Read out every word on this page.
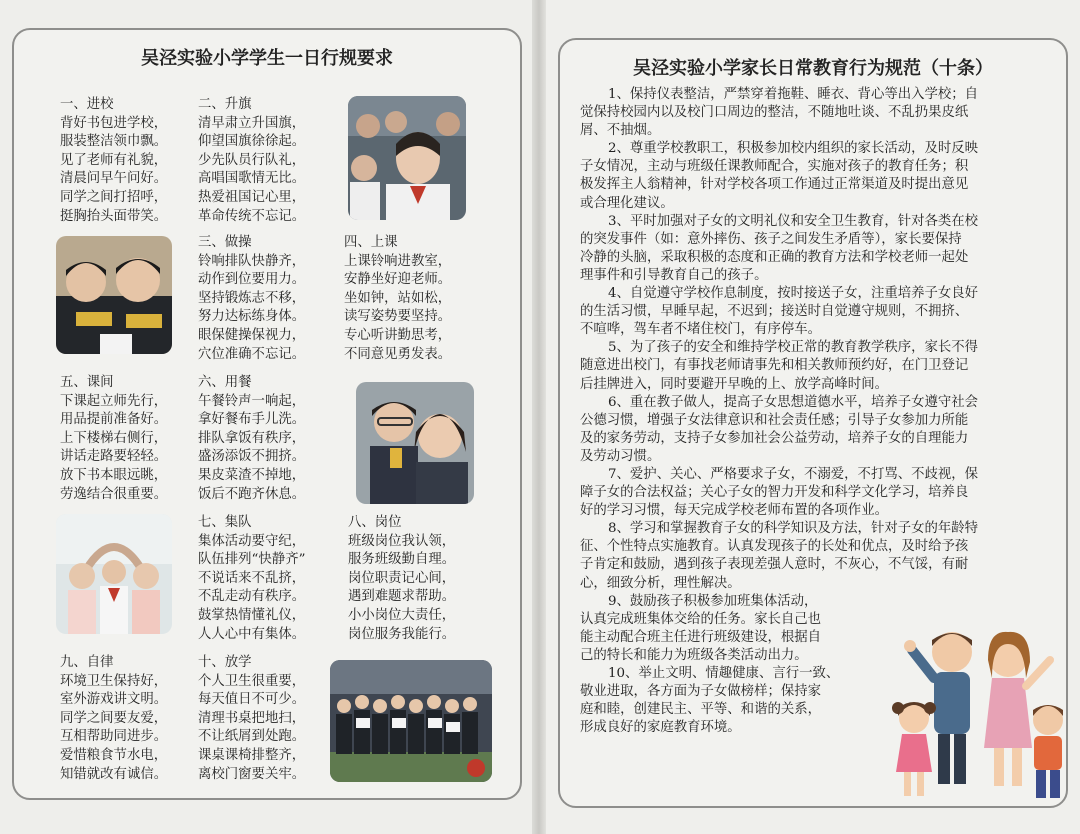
吴泾实验小学学生一日行规要求
一、进校
背好书包进学校，
服装整洁领巾飘。
见了老师有礼貌，
清晨问早午问好。
同学之间打招呼，
挺胸抬头面带笑。
二、升旗
清早肃立升国旗，
仰望国旗徐徐起。
少先队员行队礼，
高唱国歌情无比。
热爱祖国记心里，
革命传统不忘记。
三、做操
铃响排队快静齐，
动作到位要用力。
坚持锻炼志不移，
努力达标练身体。
眼保健操保视力，
穴位准确不忘记。
四、上课
上课铃响进教室，
安静坐好迎老师。
坐如钟，站如松，
读写姿势要坚持。
专心听讲勤思考，
不同意见勇发表。
五、课间
下课起立师先行，
用品提前准备好。
上下楼梯右侧行，
讲话走路要轻轻。
放下书本眼远眺，
劳逸结合很重要。
六、用餐
午餐铃声一响起，
拿好餐布手儿洗。
排队拿饭有秩序，
盛汤添饭不拥挤。
果皮菜渣不掉地，
饭后不跑齐休息。
七、集队
集体活动要守纪，
队伍排列“快静齐”
不说话来不乱挤，
不乱走动有秩序。
鼓掌热情懂礼仪，
人人心中有集体。
八、岗位
班级岗位我认领，
服务班级勤自理。
岗位职责记心间，
遇到难题求帮助。
小小岗位大责任，
岗位服务我能行。
九、自律
环境卫生保持好，
室外游戏讲文明。
同学之间要友爱，
互相帮助同进步。
爱惜粮食节水电，
知错就改有诚信。
十、放学
个人卫生很重要，
每天值日不可少。
清理书桌把地扫，
不让纸屑到处跑。
课桌课椅排整齐，
离校门窗要关牢。
吴泾实验小学家长日常教育行为规范（十条）
1、保持仪表整洁，严禁穿着拖鞋、睡衣、背心等出入学校；自
觉保持校园内以及校门口周边的整洁，不随地吐谈、不乱扔果皮纸
屑、不抽烟。
2、尊重学校教职工，积极参加校内组织的家长活动，及时反映
子女情况，主动与班级任课教师配合，实施对孩子的教育任务；积
极发挥主人翁精神，针对学校各项工作通过正常渠道及时提出意见
或合理化建议。
3、平时加强对子女的文明礼仪和安全卫生教育，针对各类在校
的突发事件（如：意外摔伤、孩子之间发生矛盾等），家长要保持
冷静的头脑，采取积极的态度和正确的教育方法和学校老师一起处
理事件和引导教育自己的孩子。
4、自觉遵守学校作息制度，按时接送子女，注重培养子女良好
的生活习惯，早睡早起，不迟到；接送时自觉遵守规则，不拥挤、
不喧哗，驾车者不堵住校门，有序停车。
5、为了孩子的安全和维持学校正常的教育教学秩序，家长不得
随意进出校门，有事找老师请事先和相关教师预约好，在门卫登记
后挂牌进入，同时要避开早晚的上、放学高峰时间。
6、重在教子做人，提高子女思想道德水平，培养子女遵守社会
公德习惯，增强子女法律意识和社会责任感；引导子女参加力所能
及的家务劳动，支持子女参加社会公益劳动，培养子女的自理能力
及劳动习惯。
7、爱护、关心、严格要求子女，不溺爱，不打骂、不歧视，保
障子女的合法权益；关心子女的智力开发和科学文化学习，培养良
好的学习习惯，每天完成学校老师布置的各项作业。
8、学习和掌握教育子女的科学知识及方法，针对子女的年龄特
征、个性特点实施教育。认真发现孩子的长处和优点，及时给予孩
子肯定和鼓励，遇到孩子表现差强人意时，不灰心，不气馁，有耐
心，细致分析，理性解决。
9、鼓励孩子积极参加班集体活动，
认真完成班集体交给的任务。家长自己也
能主动配合班主任进行班级建设，根据自
己的特长和能力为班级各类活动出力。
10、举止文明、情趣健康、言行一致、
敬业进取，各方面为子女做榜样；保持家
庭和睦，创建民主、平等、和谐的关系，
形成良好的家庭教育环境。
